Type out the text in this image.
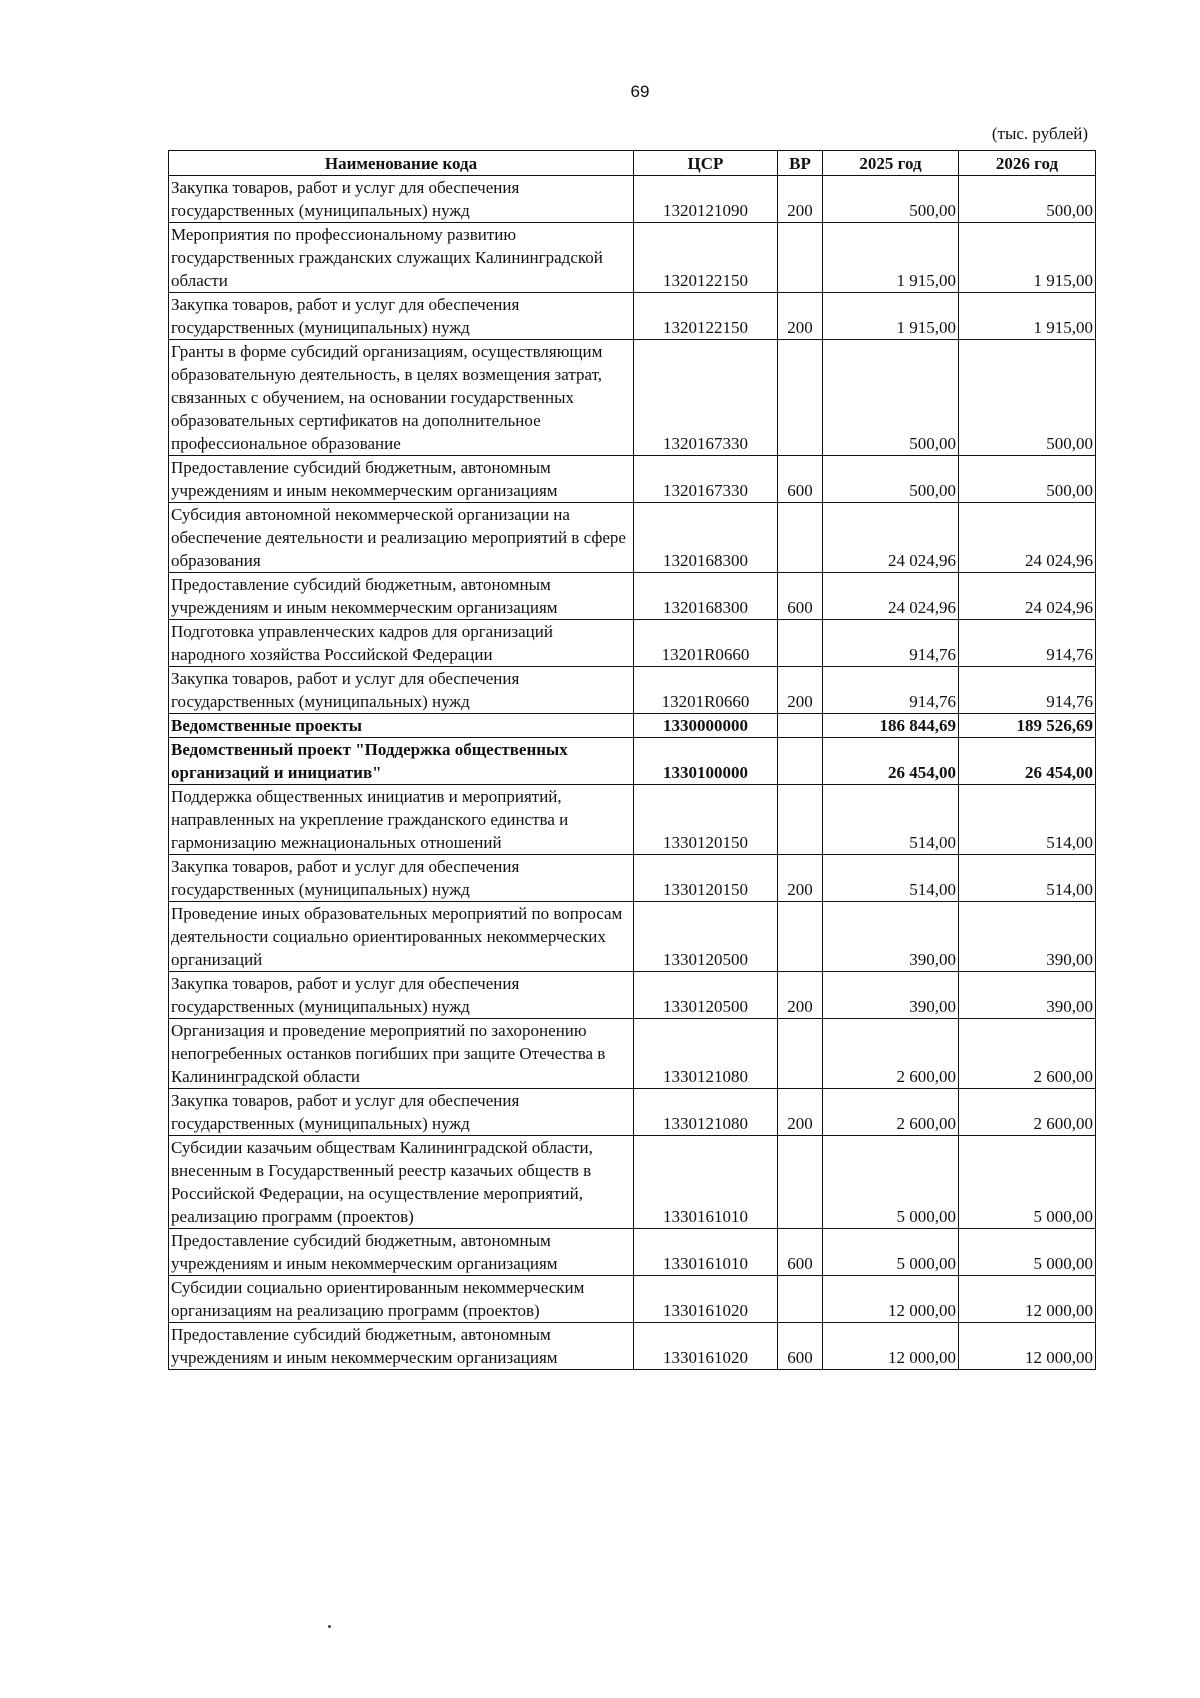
69
(тыс. рублей)
Наименование кода	ЦСР	ВР	2025 год	2026 год
Закупка товаров, работ и услуг для обеспечения государственных (муниципальных) нужд	1320121090	200	500,00	500,00
Мероприятия по профессиональному развитию государственных гражданских служащих Калининградской области	1320122150		1 915,00	1 915,00
Закупка товаров, работ и услуг для обеспечения государственных (муниципальных) нужд	1320122150	200	1 915,00	1 915,00
Гранты в форме субсидий организациям, осуществляющим образовательную деятельность, в целях возмещения затрат, связанных с обучением, на основании государственных образовательных сертификатов на дополнительное профессиональное образование	1320167330		500,00	500,00
Предоставление субсидий бюджетным, автономным учреждениям и иным некоммерческим организациям	1320167330	600	500,00	500,00
Субсидия автономной некоммерческой организации на обеспечение деятельности и реализацию мероприятий в сфере образования	1320168300		24 024,96	24 024,96
Предоставление субсидий бюджетным, автономным учреждениям и иным некоммерческим организациям	1320168300	600	24 024,96	24 024,96
Подготовка управленческих кадров для организаций народного хозяйства Российской Федерации	13201R0660		914,76	914,76
Закупка товаров, работ и услуг для обеспечения государственных (муниципальных) нужд	13201R0660	200	914,76	914,76
Ведомственные проекты	1330000000		186 844,69	189 526,69
Ведомственный проект "Поддержка общественных организаций и инициатив"	1330100000		26 454,00	26 454,00
Поддержка общественных инициатив и мероприятий, направленных на укрепление гражданского единства и гармонизацию межнациональных отношений	1330120150		514,00	514,00
Закупка товаров, работ и услуг для обеспечения государственных (муниципальных) нужд	1330120150	200	514,00	514,00
Проведение иных образовательных мероприятий по вопросам деятельности социально ориентированных некоммерческих организаций	1330120500		390,00	390,00
Закупка товаров, работ и услуг для обеспечения государственных (муниципальных) нужд	1330120500	200	390,00	390,00
Организация и проведение мероприятий по захоронению непогребенных останков погибших при защите Отечества в Калининградской области	1330121080		2 600,00	2 600,00
Закупка товаров, работ и услуг для обеспечения государственных (муниципальных) нужд	1330121080	200	2 600,00	2 600,00
Субсидии казачьим обществам Калининградской области, внесенным в Государственный реестр казачьих обществ в Российской Федерации, на осуществление мероприятий, реализацию программ (проектов)	1330161010		5 000,00	5 000,00
Предоставление субсидий бюджетным, автономным учреждениям и иным некоммерческим организациям	1330161010	600	5 000,00	5 000,00
Субсидии социально ориентированным некоммерческим организациям на реализацию программ (проектов)	1330161020		12 000,00	12 000,00
Предоставление субсидий бюджетным, автономным учреждениям и иным некоммерческим организациям	1330161020	600	12 000,00	12 000,00
